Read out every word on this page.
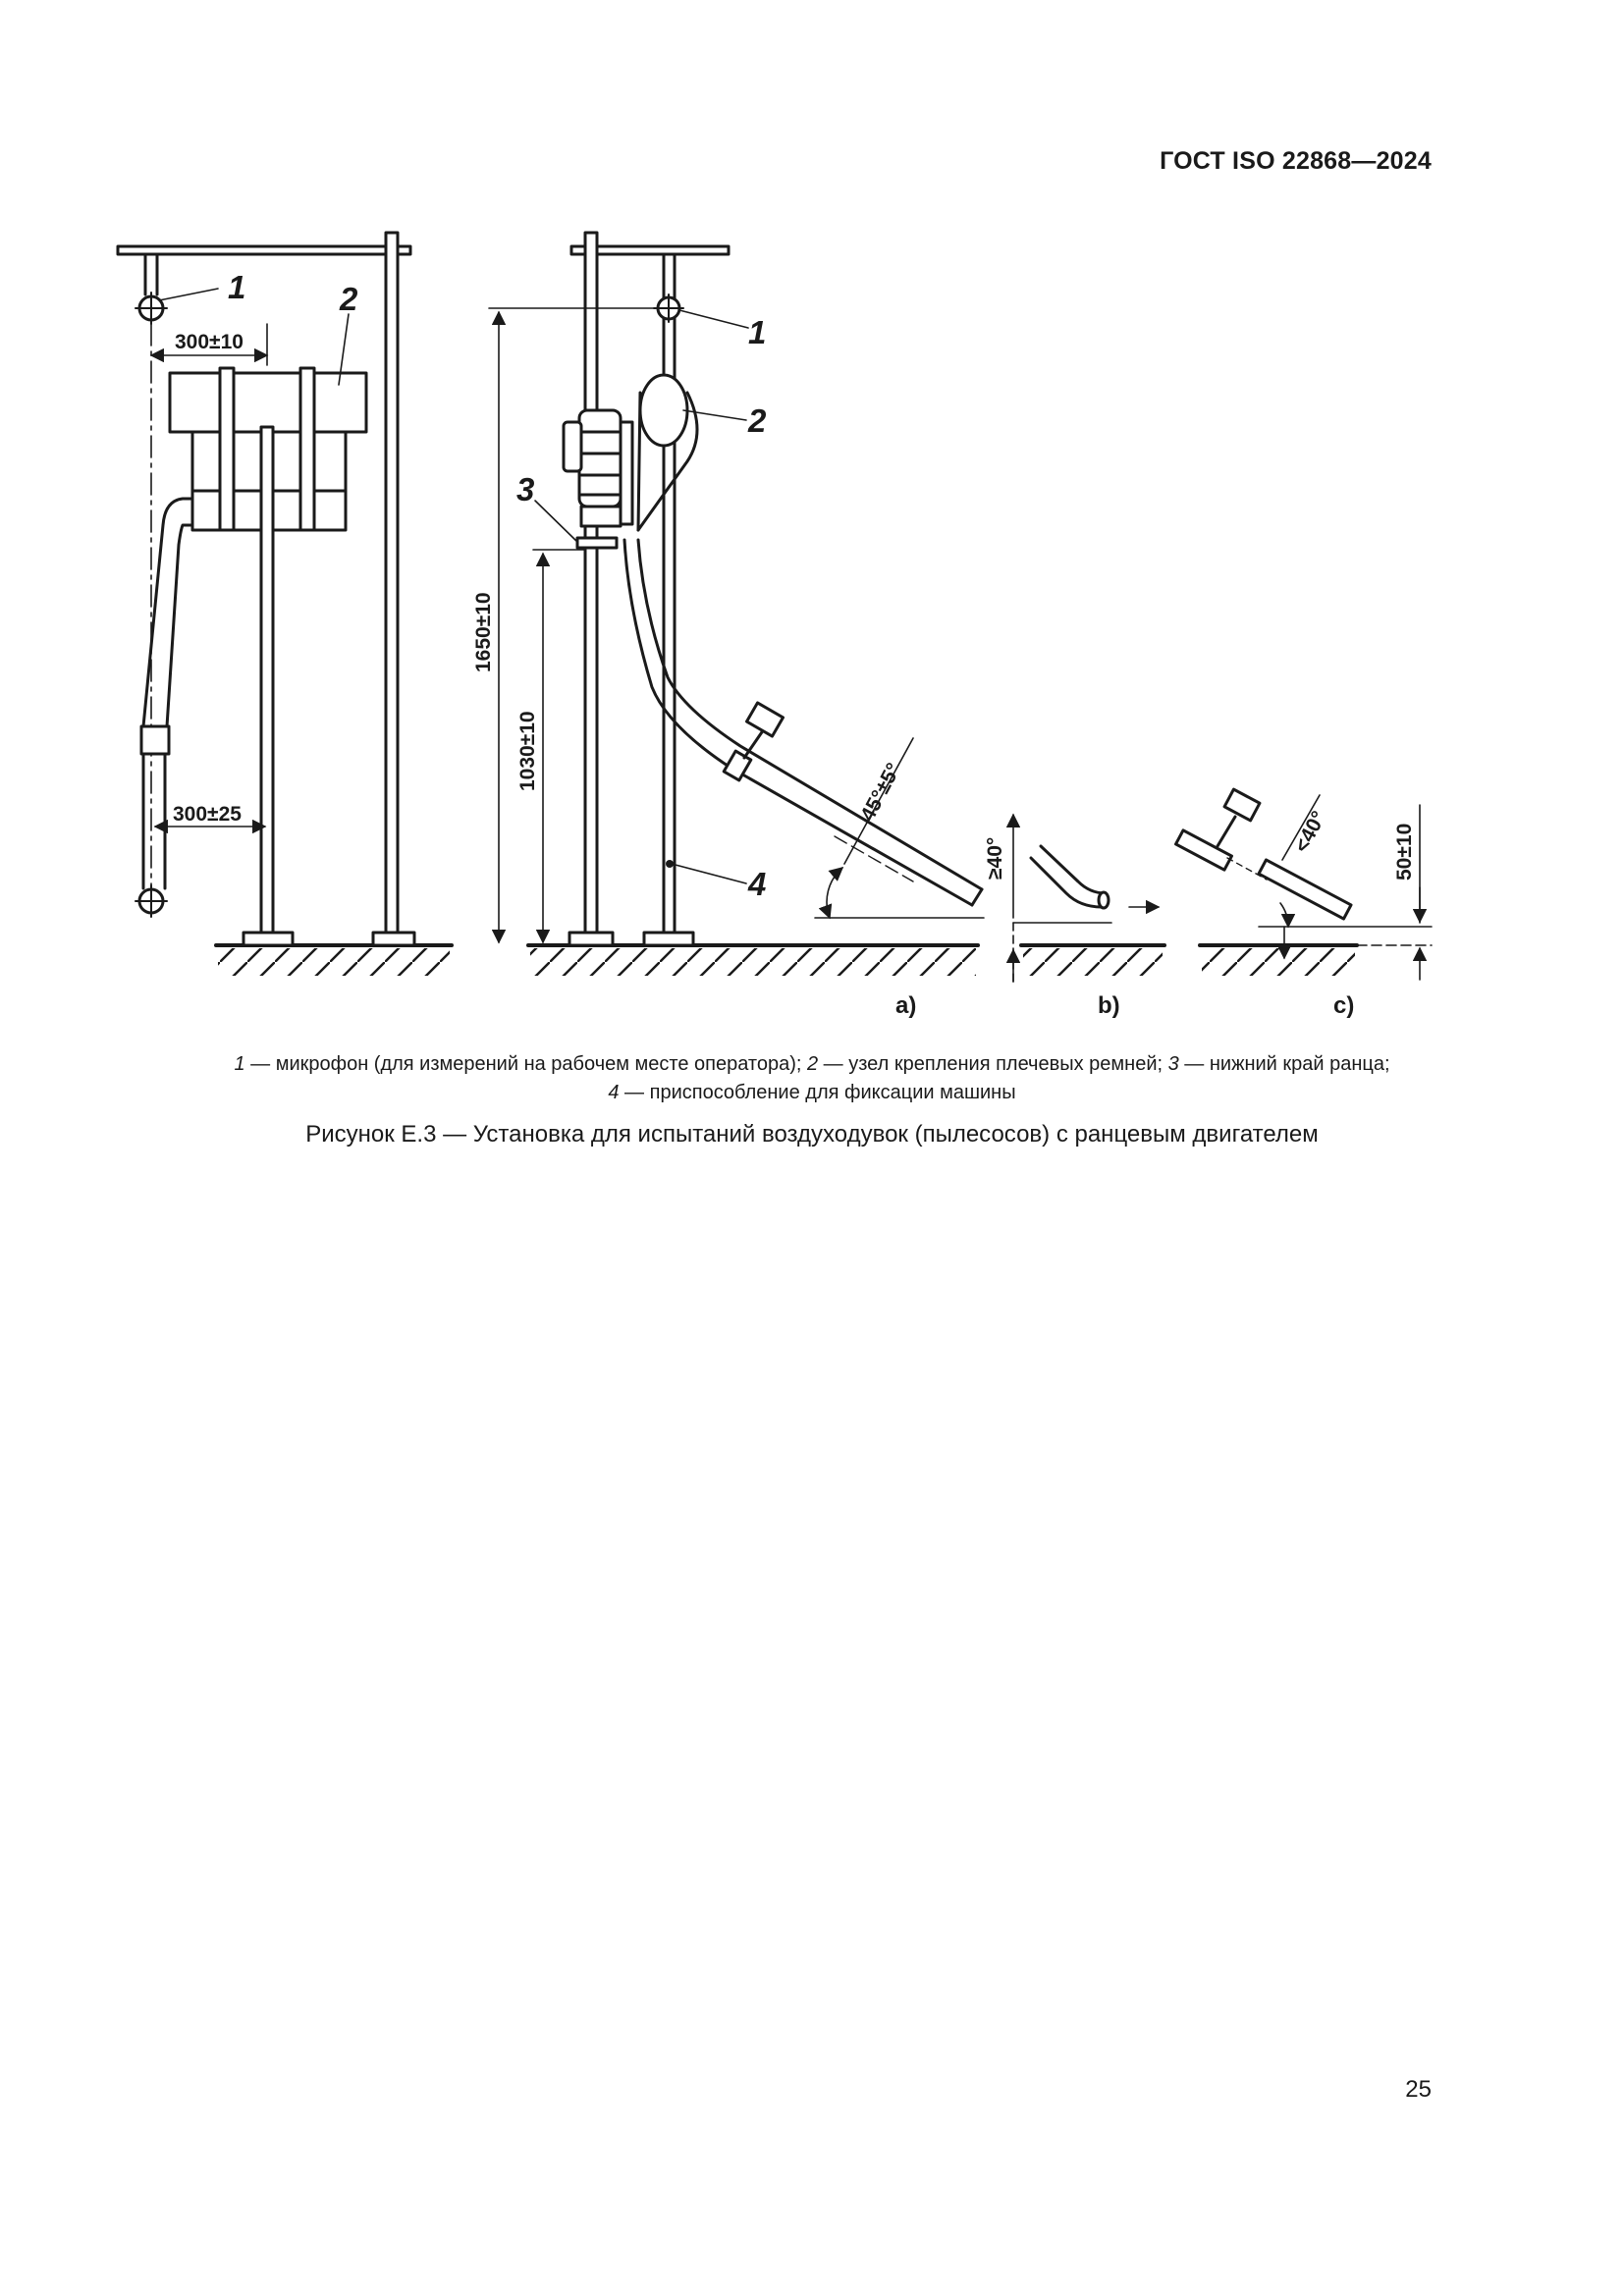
ГОСТ ISO 22868—2024
1	2
1
2
3
4
300±10
300±25
1650±10
1030±10
45°±5°
≥40°
<40°	50±10
a)	b)	c)
1 — микрофон (для измерений на рабочем месте оператора); 2 — узел крепления плечевых ремней; 3 — нижний край ранца;
4 — приспособление для фиксации машины
Рисунок Е.3 — Установка для испытаний воздуходувок (пылесосов) с ранцевым двигателем
25
